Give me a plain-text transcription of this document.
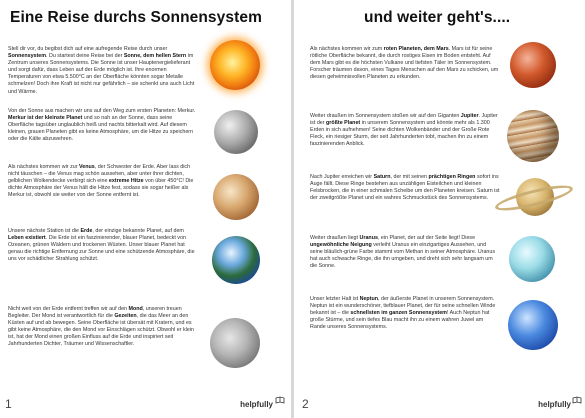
Eine Reise durchs Sonnensystem
Stell dir vor, du begibst dich auf eine aufregende Reise durch unser Sonnensystem. Du startest deine Reise bei der Sonne, dem hellen Stern im Zentrum unseres Sonnensystems. Die Sonne ist unser Hauptenergielieferant und sorgt dafür, dass Leben auf der Erde möglich ist. Ihre enormen Temperaturen von etwa 5.500°C an der Oberfläche könnten sogar Metalle schmelzen! Doch ihre Kraft ist nicht nur gefährlich – sie schenkt uns auch Licht und Wärme.
Von der Sonne aus machen wir uns auf den Weg zum ersten Planeten: Merkur. Merkur ist der kleinste Planet und so nah an der Sonne, dass seine Oberfläche tagsüber unglaublich heiß und nachts bitterkalt wird. Auf diesem kleinen, grauen Planeten gibt es keine Atmosphäre, um die Hitze zu speichern oder die Kälte abzuwehren.
Als nächstes kommen wir zur Venus, der Schwester der Erde. Aber lass dich nicht täuschen – die Venus mag schön aussehen, aber unter ihrer dichten, gelblichen Wolkendecke verbirgt sich eine extreme Hitze von über 450°C! Die dichte Atmosphäre der Venus hält die Hitze fest, sodass sie sogar heißer als Merkur ist, obwohl sie weiter von der Sonne entfernt ist.
Unsere nächste Station ist die Erde, der einzige bekannte Planet, auf dem Leben existiert. Die Erde ist ein faszinierender, blauer Planet, bedeckt von Ozeanen, grünen Wäldern und trockenen Wüsten. Unser blauer Planet hat genau die richtige Entfernung zur Sonne und eine schützende Atmosphäre, die uns vor schädlicher Strahlung schützt.
Nicht weit von der Erde entfernt treffen wir auf den Mond, unseren treuen Begleiter. Der Mond ist verantwortlich für die Gezeiten, die das Meer an den Küsten auf und ab bewegen. Seine Oberfläche ist übersät mit Kratern, und es gibt keine Atmosphäre, die den Mond vor Einschlägen schützt. Obwohl er klein ist, hat der Mond einen großen Einfluss auf die Erde und inspiriert seit Jahrhunderten Dichter, Träumer und Wissenschaftler.
1	helpfully
und weiter geht's....
Als nächstes kommen wir zum roten Planeten, dem Mars. Mars ist für seine rötliche Oberfläche bekannt, die durch rostiges Eisen im Boden entsteht. Auf dem Mars gibt es die höchsten Vulkane und tiefsten Täler im Sonnensystem. Forscher träumen davon, eines Tages Menschen auf den Mars zu schicken, um diesen geheimnisvollen Planeten zu erkunden.
Weiter draußen im Sonnensystem stoßen wir auf den Giganten Jupiter. Jupiter ist der größte Planet in unserem Sonnensystem und könnte mehr als 1.300 Erden in sich aufnehmen! Seine dichten Wolkenbänder und der Große Rote Fleck, ein riesiger Sturm, der seit Jahrhunderten tobt, machen ihn zu einem faszinierenden Anblick.
Nach Jupiter erreichen wir Saturn, der mit seinen prächtigen Ringen sofort ins Auge fällt. Diese Ringe bestehen aus unzähligen Eisteilchen und kleinen Felsbrocken, die in einer schmalen Scheibe um den Planeten kreisen. Saturn ist der zweitgrößte Planet und ein wahres Schmuckstück des Sonnensystems.
Weiter draußen liegt Uranus, ein Planet, der auf der Seite liegt! Diese ungewöhnliche Neigung verleiht Uranus ein einzigartiges Aussehen, und seine bläulich-grüne Farbe stammt vom Methan in seiner Atmosphäre. Uranus hat auch schwache Ringe, die ihn umgeben, und dreht sich sehr langsam um die Sonne.
Unser letzter Halt ist Neptun, der äußerste Planet in unserem Sonnensystem. Neptun ist ein wunderschöner, tiefblauer Planet, der für seine schnellen Winde bekannt ist – die schnellsten im ganzen Sonnensystem! Auch Neptun hat große Stürme, und sein tiefes Blau macht ihn zu einem wahren Juwel am Rande unseres Sonnensystems.
2	helpfully
